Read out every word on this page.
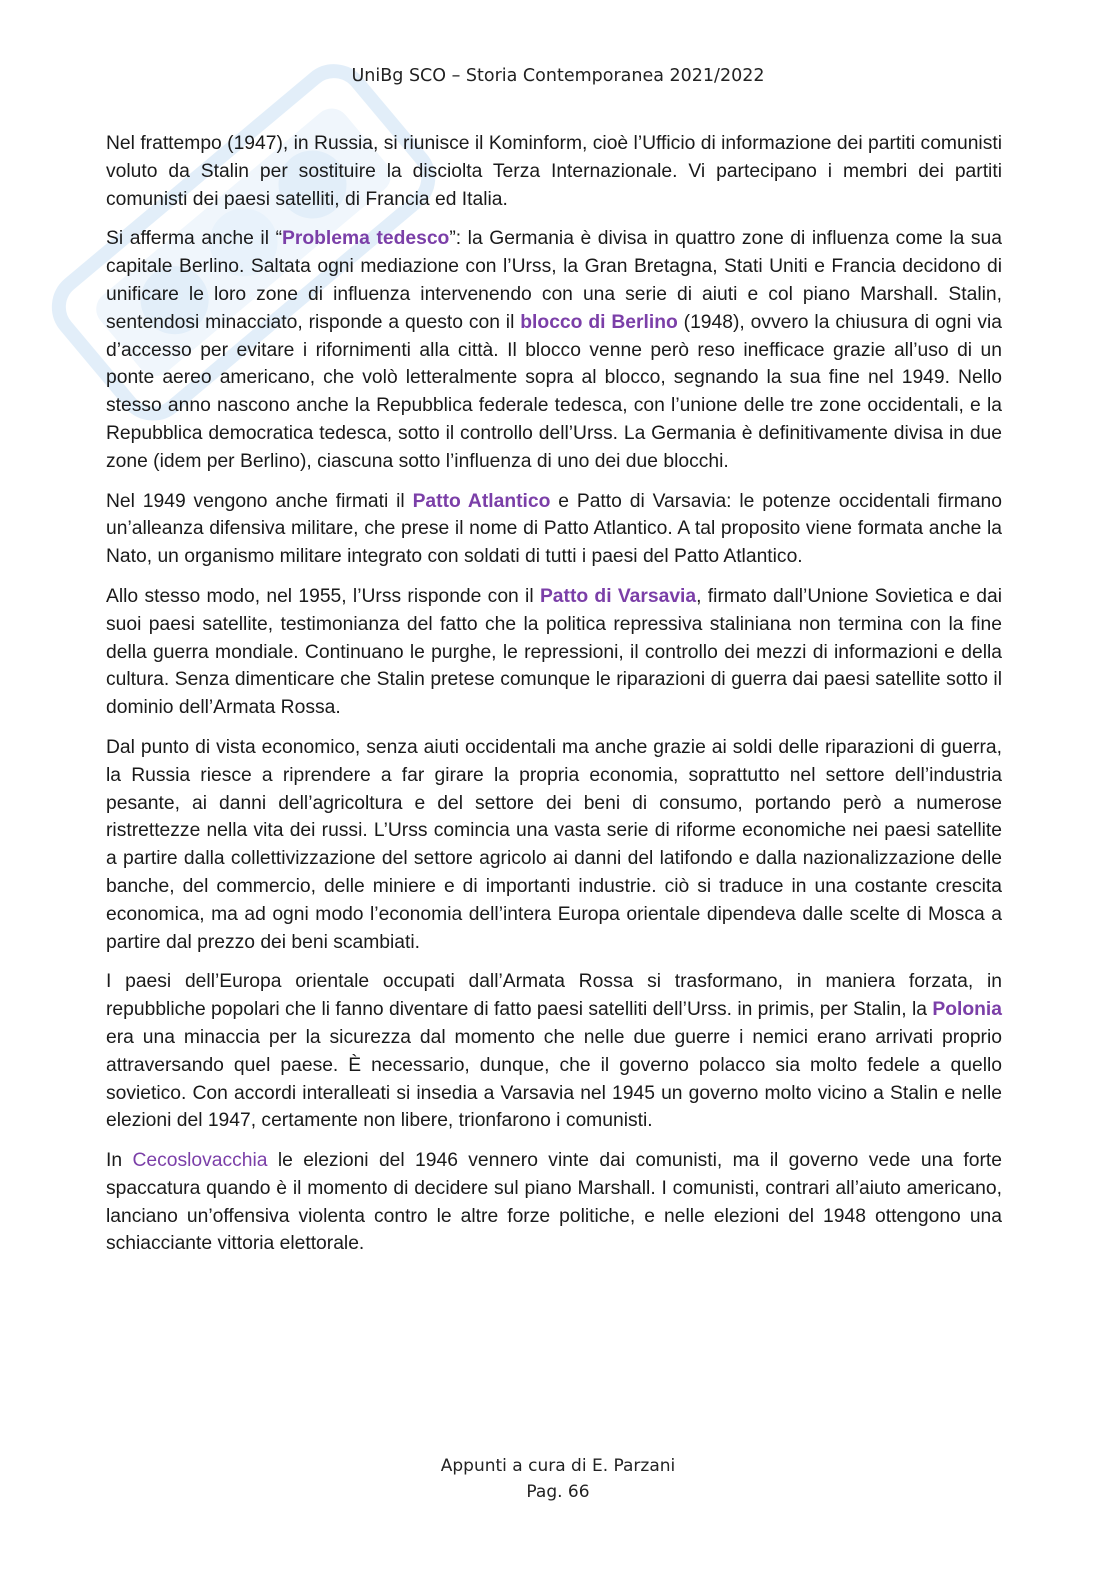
UniBg SCO – Storia Contemporanea 2021/2022

Nel frattempo (1947), in Russia, si riunisce il Kominform, cioè l’Ufficio di informazione dei partiti comunisti voluto da Stalin per sostituire la disciolta Terza Internazionale. Vi partecipano i membri dei partiti comunisti dei paesi satelliti, di Francia ed Italia.

Si afferma anche il “Problema tedesco”: la Germania è divisa in quattro zone di influenza come la sua capitale Berlino. Saltata ogni mediazione con l’Urss, la Gran Bretagna, Stati Uniti e Francia decidono di unificare le loro zone di influenza intervenendo con una serie di aiuti e col piano Marshall. Stalin, sentendosi minacciato, risponde a questo con il blocco di Berlino (1948), ovvero la chiusura di ogni via d’accesso per evitare i rifornimenti alla città. Il blocco venne però reso inefficace grazie all’uso di un ponte aereo americano, che volò letteralmente sopra al blocco, segnando la sua fine nel 1949. Nello stesso anno nascono anche la Repubblica federale tedesca, con l’unione delle tre zone occidentali, e la Repubblica democratica tedesca, sotto il controllo dell’Urss. La Germania è definitivamente divisa in due zone (idem per Berlino), ciascuna sotto l’influenza di uno dei due blocchi.

Nel 1949 vengono anche firmati il Patto Atlantico e Patto di Varsavia: le potenze occidentali firmano un’alleanza difensiva militare, che prese il nome di Patto Atlantico. A tal proposito viene formata anche la Nato, un organismo militare integrato con soldati di tutti i paesi del Patto Atlantico.

Allo stesso modo, nel 1955, l’Urss risponde con il Patto di Varsavia, firmato dall’Unione Sovietica e dai suoi paesi satellite, testimonianza del fatto che la politica repressiva staliniana non termina con la fine della guerra mondiale. Continuano le purghe, le repressioni, il controllo dei mezzi di informazioni e della cultura. Senza dimenticare che Stalin pretese comunque le riparazioni di guerra dai paesi satellite sotto il dominio dell’Armata Rossa.

Dal punto di vista economico, senza aiuti occidentali ma anche grazie ai soldi delle riparazioni di guerra, la Russia riesce a riprendere a far girare la propria economia, soprattutto nel settore dell’industria pesante, ai danni dell’agricoltura e del settore dei beni di consumo, portando però a numerose ristrettezze nella vita dei russi. L’Urss comincia una vasta serie di riforme economiche nei paesi satellite a partire dalla collettivizzazione del settore agricolo ai danni del latifondo e dalla nazionalizzazione delle banche, del commercio, delle miniere e di importanti industrie. ciò si traduce in una costante crescita economica, ma ad ogni modo l’economia dell’intera Europa orientale dipendeva dalle scelte di Mosca a partire dal prezzo dei beni scambiati.

I paesi dell’Europa orientale occupati dall’Armata Rossa si trasformano, in maniera forzata, in repubbliche popolari che li fanno diventare di fatto paesi satelliti dell’Urss. in primis, per Stalin, la Polonia era una minaccia per la sicurezza dal momento che nelle due guerre i nemici erano arrivati proprio attraversando quel paese. È necessario, dunque, che il governo polacco sia molto fedele a quello sovietico. Con accordi interalleati si insedia a Varsavia nel 1945 un governo molto vicino a Stalin e nelle elezioni del 1947, certamente non libere, trionfarono i comunisti.

In Cecoslovacchia le elezioni del 1946 vennero vinte dai comunisti, ma il governo vede una forte spaccatura quando è il momento di decidere sul piano Marshall. I comunisti, contrari all’aiuto americano, lanciano un’offensiva violenta contro le altre forze politiche, e nelle elezioni del 1948 ottengono una schiacciante vittoria elettorale.

Appunti a cura di E. Parzani
Pag. 66
